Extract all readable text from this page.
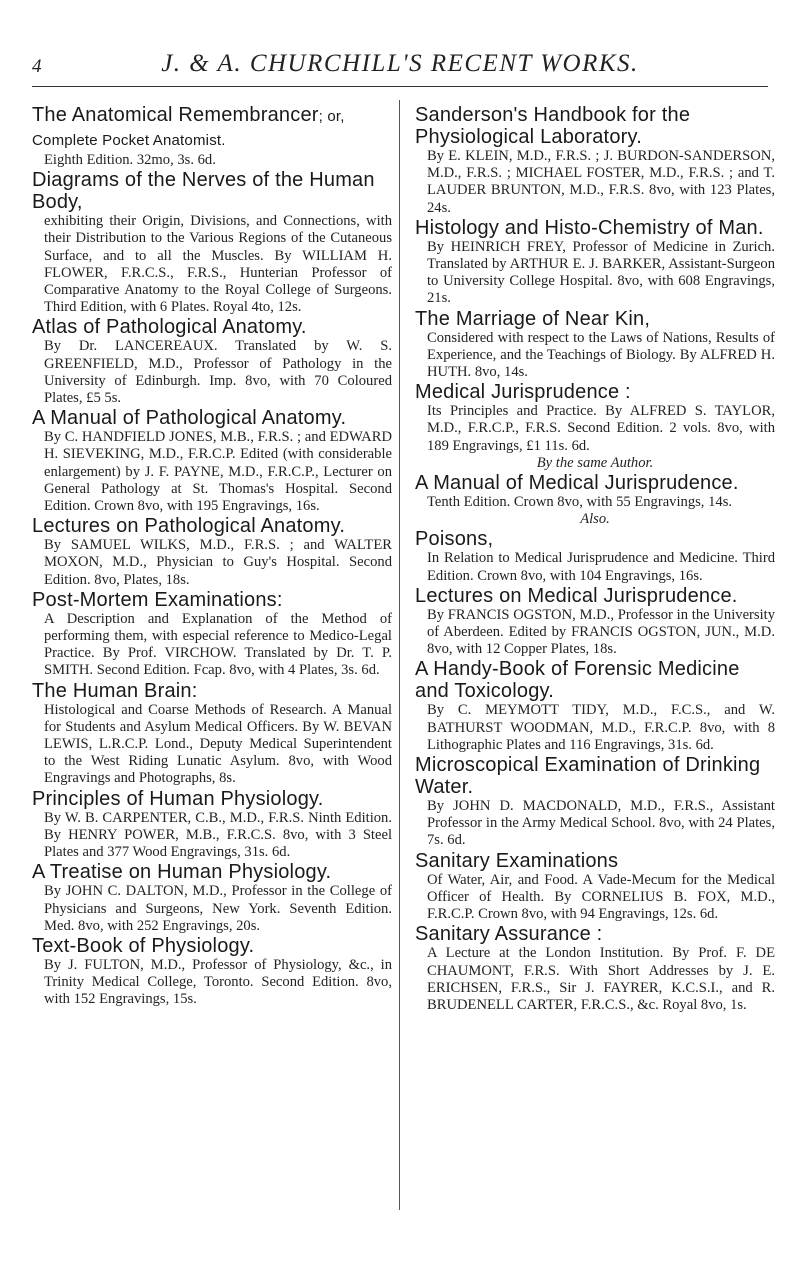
4	J. & A. CHURCHILL'S RECENT WORKS.
The Anatomical Remembrancer; or, Complete Pocket Anatomist.
Eighth Edition. 32mo, 3s. 6d.
Diagrams of the Nerves of the Human Body,
exhibiting their Origin, Divisions, and Connections, with their Distribution to the Various Regions of the Cutaneous Surface, and to all the Muscles. By WILLIAM H. FLOWER, F.R.C.S., F.R.S., Hunterian Professor of Comparative Anatomy to the Royal College of Surgeons. Third Edition, with 6 Plates. Royal 4to, 12s.
Atlas of Pathological Anatomy.
By Dr. LANCEREAUX. Translated by W. S. GREENFIELD, M.D., Professor of Pathology in the University of Edinburgh. Imp. 8vo, with 70 Coloured Plates, £5 5s.
A Manual of Pathological Anatomy.
By C. HANDFIELD JONES, M.B., F.R.S. ; and EDWARD H. SIEVEKING, M.D., F.R.C.P. Edited (with considerable enlargement) by J. F. PAYNE, M.D., F.R.C.P., Lecturer on General Pathology at St. Thomas's Hospital. Second Edition. Crown 8vo, with 195 Engravings, 16s.
Lectures on Pathological Anatomy.
By SAMUEL WILKS, M.D., F.R.S. ; and WALTER MOXON, M.D., Physician to Guy's Hospital. Second Edition. 8vo, Plates, 18s.
Post-Mortem Examinations:
A Description and Explanation of the Method of performing them, with especial reference to Medico-Legal Practice. By Prof. VIRCHOW. Translated by Dr. T. P. SMITH. Second Edition. Fcap. 8vo, with 4 Plates, 3s. 6d.
The Human Brain:
Histological and Coarse Methods of Research. A Manual for Students and Asylum Medical Officers. By W. BEVAN LEWIS, L.R.C.P. Lond., Deputy Medical Superintendent to the West Riding Lunatic Asylum. 8vo, with Wood Engravings and Photographs, 8s.
Principles of Human Physiology.
By W. B. CARPENTER, C.B., M.D., F.R.S. Ninth Edition. By HENRY POWER, M.B., F.R.C.S. 8vo, with 3 Steel Plates and 377 Wood Engravings, 31s. 6d.
A Treatise on Human Physiology.
By JOHN C. DALTON, M.D., Professor in the College of Physicians and Surgeons, New York. Seventh Edition. Med. 8vo, with 252 Engravings, 20s.
Text-Book of Physiology.
By J. FULTON, M.D., Professor of Physiology, &c., in Trinity Medical College, Toronto. Second Edition. 8vo, with 152 Engravings, 15s.
Sanderson's Handbook for the Physiological Laboratory.
By E. KLEIN, M.D., F.R.S. ; J. BURDON-SANDERSON, M.D., F.R.S. ; MICHAEL FOSTER, M.D., F.R.S. ; and T. LAUDER BRUNTON, M.D., F.R.S. 8vo, with 123 Plates, 24s.
Histology and Histo-Chemistry of Man.
By HEINRICH FREY, Professor of Medicine in Zurich. Translated by ARTHUR E. J. BARKER, Assistant-Surgeon to University College Hospital. 8vo, with 608 Engravings, 21s.
The Marriage of Near Kin,
Considered with respect to the Laws of Nations, Results of Experience, and the Teachings of Biology. By ALFRED H. HUTH. 8vo, 14s.
Medical Jurisprudence :
Its Principles and Practice. By ALFRED S. TAYLOR, M.D., F.R.C.P., F.R.S. Second Edition. 2 vols. 8vo, with 189 Engravings, £1 11s. 6d.
By the same Author.
A Manual of Medical Jurisprudence.
Tenth Edition. Crown 8vo, with 55 Engravings, 14s.
Also.
Poisons,
In Relation to Medical Jurisprudence and Medicine. Third Edition. Crown 8vo, with 104 Engravings, 16s.
Lectures on Medical Jurisprudence.
By FRANCIS OGSTON, M.D., Professor in the University of Aberdeen. Edited by FRANCIS OGSTON, JUN., M.D. 8vo, with 12 Copper Plates, 18s.
A Handy-Book of Forensic Medicine and Toxicology.
By C. MEYMOTT TIDY, M.D., F.C.S., and W. BATHURST WOODMAN, M.D., F.R.C.P. 8vo, with 8 Lithographic Plates and 116 Engravings, 31s. 6d.
Microscopical Examination of Drinking Water.
By JOHN D. MACDONALD, M.D., F.R.S., Assistant Professor in the Army Medical School. 8vo, with 24 Plates, 7s. 6d.
Sanitary Examinations
Of Water, Air, and Food. A Vade-Mecum for the Medical Officer of Health. By CORNELIUS B. FOX, M.D., F.R.C.P. Crown 8vo, with 94 Engravings, 12s. 6d.
Sanitary Assurance :
A Lecture at the London Institution. By Prof. F. DE CHAUMONT, F.R.S. With Short Addresses by J. E. ERICHSEN, F.R.S., Sir J. FAYRER, K.C.S.I., and R. BRUDENELL CARTER, F.R.C.S., &c. Royal 8vo, 1s.
